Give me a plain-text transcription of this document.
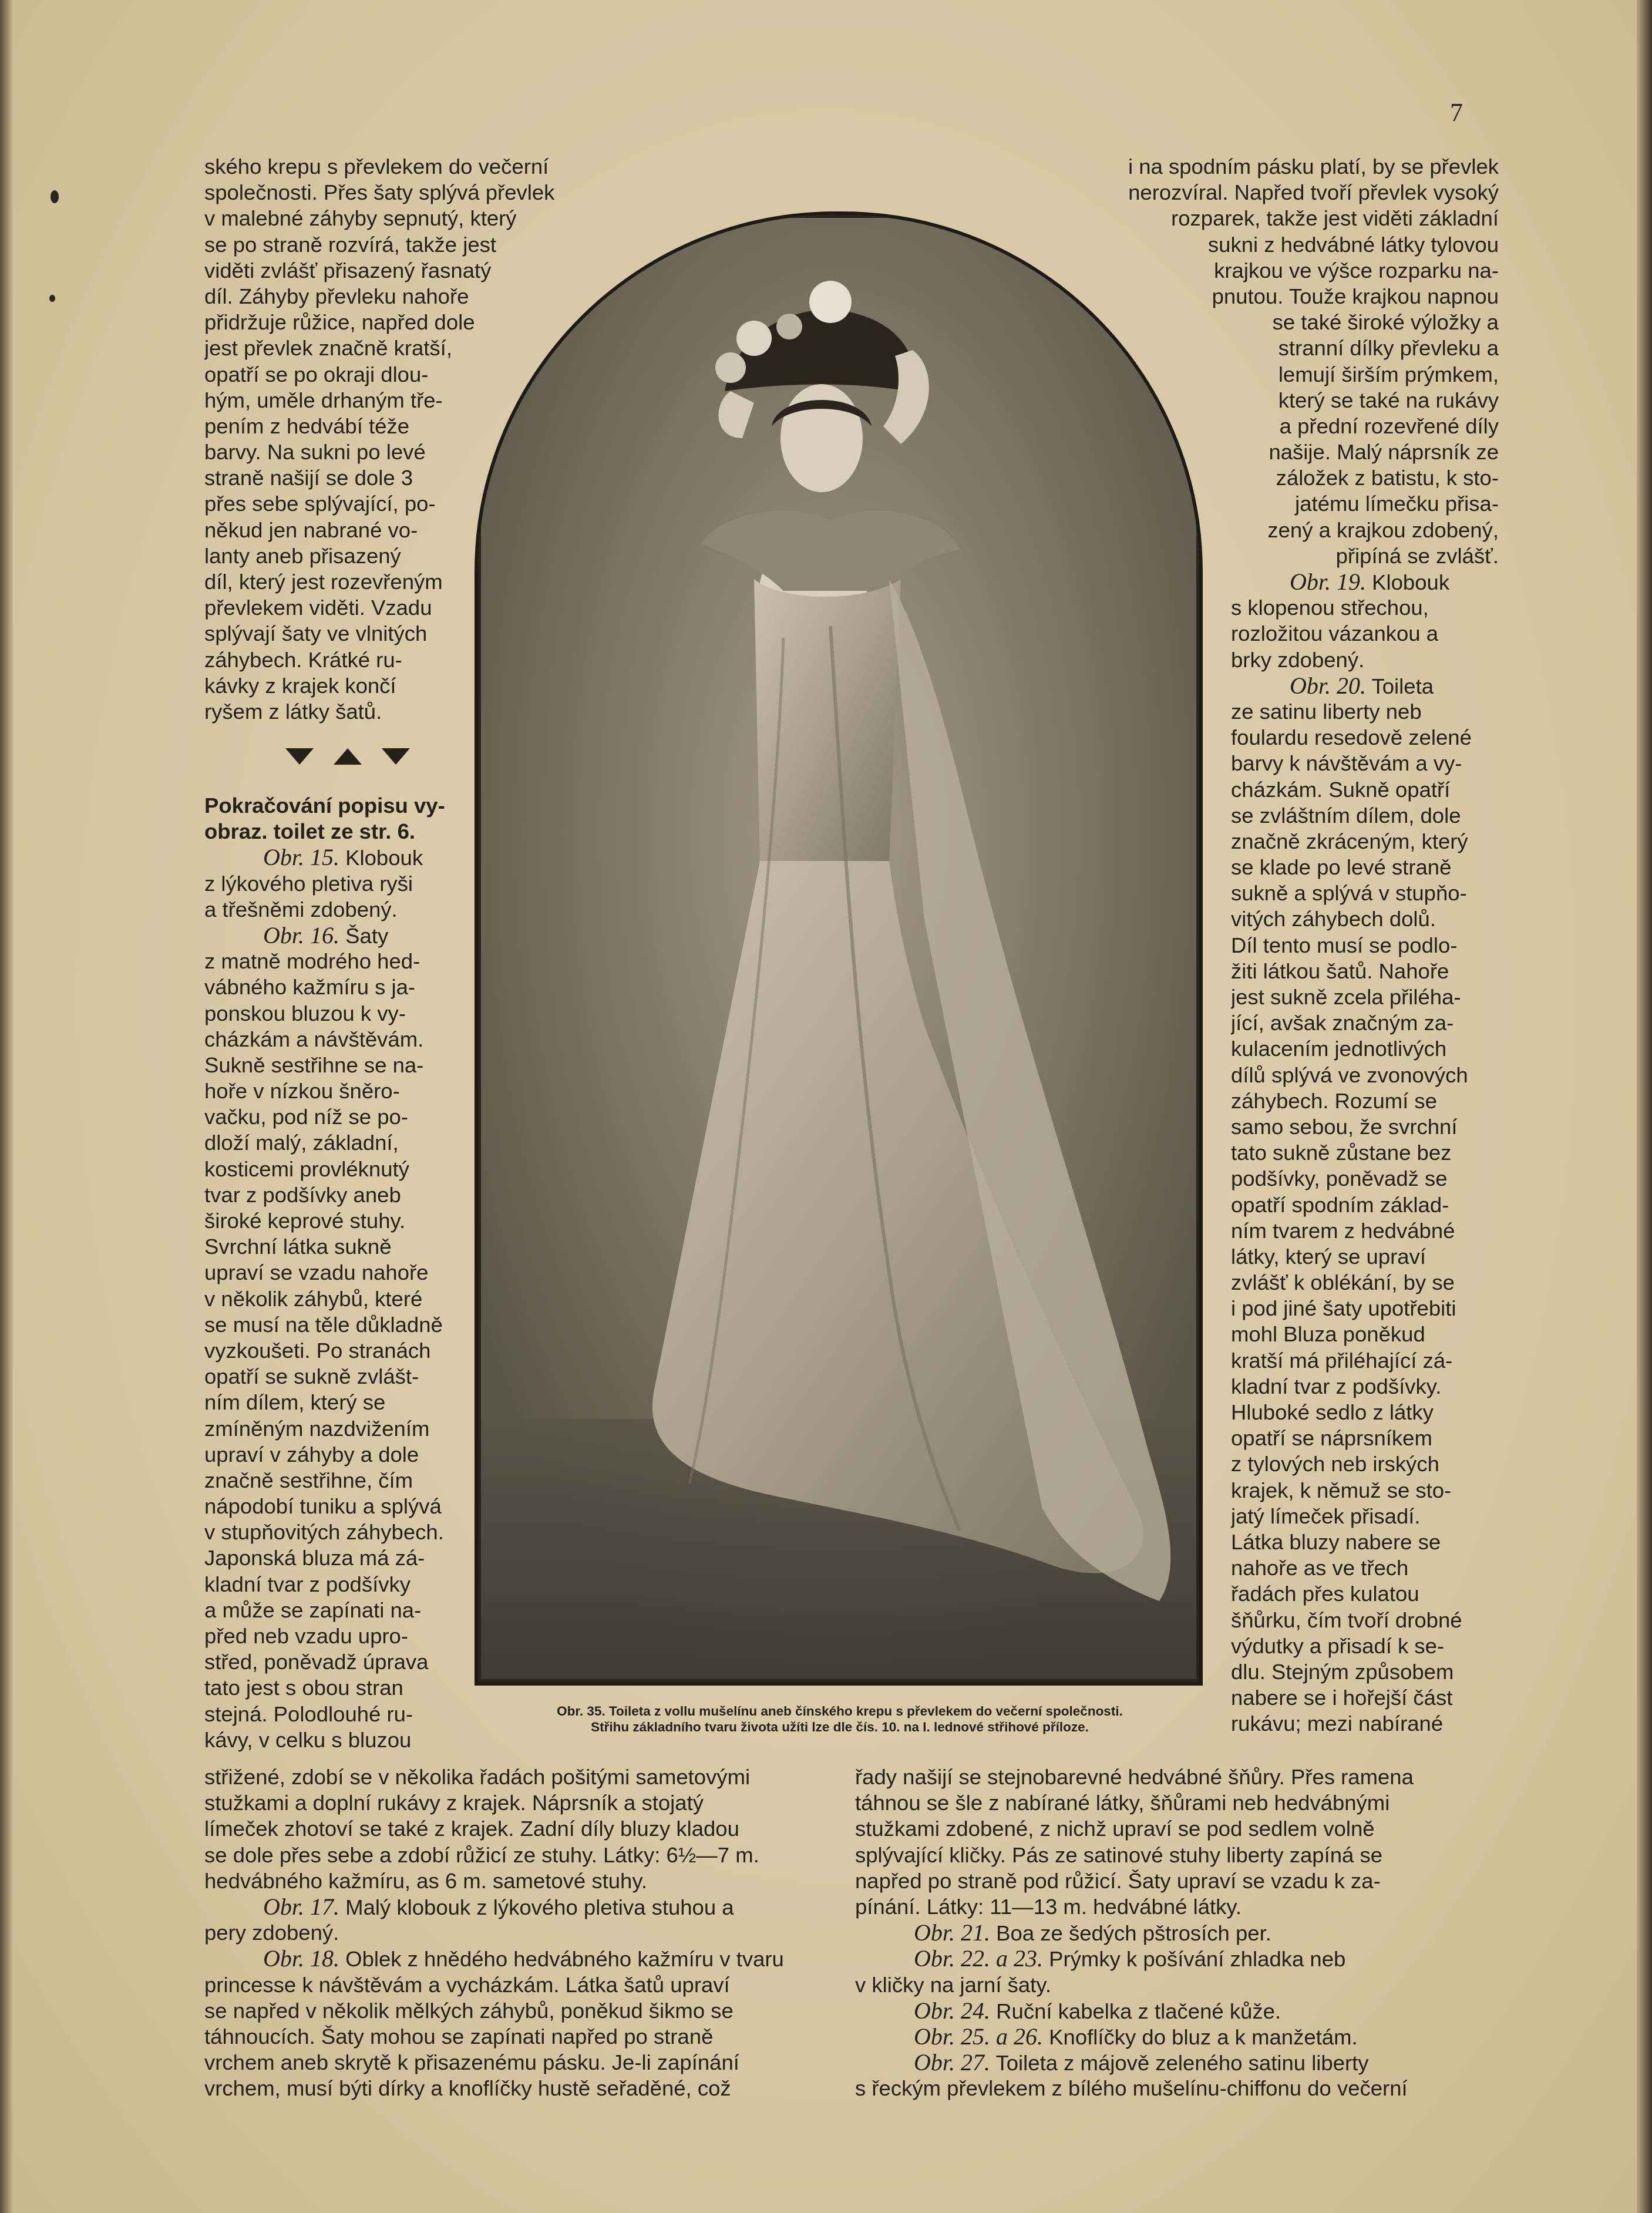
7
ského krepu s převlekem do večerní
společnosti. Přes šaty splývá převlek
v malebné záhyby sepnutý, který
se po straně rozvírá, takže jest
viděti zvlášť přisazený řasnatý
díl. Záhyby převleku nahoře
přidržuje růžice, napřed dole
jest převlek značně kratší,
opatří se po okraji dlou-
hým, uměle drhaným tře-
pením z hedvábí téže
barvy. Na sukni po levé
straně našijí se dole 3
přes sebe splývající, po-
někud jen nabrané vo-
lanty aneb přisazený
díl, který jest rozevřeným
převlekem viděti. Vzadu
splývají šaty ve vlnitých
záhybech. Krátké ru-
kávky z krajek končí
ryšem z látky šatů.
Pokračování popisu vy-
obraz. toilet ze str. 6.
Obr. 15. Klobouk
z lýkového pletiva ryši
a třešněmi zdobený.
Obr. 16. Šaty
z matně modrého hed-
vábného kažmíru s ja-
ponskou bluzou k vy-
cházkám a návštěvám.
Sukně sestřihne se na-
hoře v nízkou šněro-
vačku, pod níž se po-
dloží malý, základní,
kosticemi provléknutý
tvar z podšívky aneb
široké keprové stuhy.
Svrchní látka sukně
upraví se vzadu nahoře
v několik záhybů, které
se musí na těle důkladně
vyzkoušeti. Po stranách
opatří se sukně zvlášt-
ním dílem, který se
zmíněným nazdvižením
upraví v záhyby a dole
značně sestřihne, čím
nápodobí tuniku a splývá
v stupňovitých záhybech.
Japonská bluza má zá-
kladní tvar z podšívky
a může se zapínati na-
před neb vzadu upro-
střed, poněvadž úprava
tato jest s obou stran
stejná. Polodlouhé ru-
kávy, v celku s bluzou
Obr. 35. Toileta z vollu mušelínu aneb čínského krepu s převlekem do večerní společnosti.
Střihu základního tvaru života užíti lze dle čís. 10. na I. lednové střihové příloze.
i na spodním pásku platí, by se převlek
nerozvíral. Napřed tvoří převlek vysoký
rozparek, takže jest viděti základní
sukni z hedvábné látky tylovou
krajkou ve výšce rozparku na-
pnutou. Touže krajkou napnou
se také široké výložky a
stranní dílky převleku a
lemují širším prýmkem,
který se také na rukávy
a přední rozevřené díly
našije. Malý náprsník ze
záložek z batistu, k sto-
jatému límečku přisa-
zený a krajkou zdobený,
připíná se zvlášť.
Obr. 19. Klobouk
s klopenou střechou,
rozložitou vázankou a
brky zdobený.
Obr. 20. Toileta
ze satinu liberty neb
foulardu resedově zelené
barvy k návštěvám a vy-
cházkám. Sukně opatří
se zvláštním dílem, dole
značně zkráceným, který
se klade po levé straně
sukně a splývá v stupňo-
vitých záhybech dolů.
Díl tento musí se podlo-
žiti látkou šatů. Nahoře
jest sukně zcela přiléha-
jící, avšak značným za-
kulacením jednotlivých
dílů splývá ve zvonových
záhybech. Rozumí se
samo sebou, že svrchní
tato sukně zůstane bez
podšívky, poněvadž se
opatří spodním základ-
ním tvarem z hedvábné
látky, který se upraví
zvlášť k oblékání, by se
i pod jiné šaty upotřebiti
mohl Bluza poněkud
kratší má přiléhající zá-
kladní tvar z podšívky.
Hluboké sedlo z látky
opatří se náprsníkem
z tylových neb irských
krajek, k němuž se sto-
jatý límeček přisadí.
Látka bluzy nabere se
nahoře as ve třech
řadách přes kulatou
šňůrku, čím tvoří drobné
výdutky a přisadí k se-
dlu. Stejným způsobem
nabere se i hořejší část
rukávu; mezi nabírané
střižené, zdobí se v několika řadách pošitými sametovými
stužkami a doplní rukávy z krajek. Náprsník a stojatý
límeček zhotoví se také z krajek. Zadní díly bluzy kladou
se dole přes sebe a zdobí růžicí ze stuhy. Látky: 6½—7 m.
hedvábného kažmíru, as 6 m. sametové stuhy.
Obr. 17. Malý klobouk z lýkového pletiva stuhou a
pery zdobený.
Obr. 18. Oblek z hnědého hedvábného kažmíru v tvaru
princesse k návštěvám a vycházkám. Látka šatů upraví
se napřed v několik mělkých záhybů, poněkud šikmo se
táhnoucích. Šaty mohou se zapínati napřed po straně
vrchem aneb skrytě k přisazenému pásku. Je-li zapínání
vrchem, musí býti dírky a knoflíčky hustě seřaděné, což
řady našijí se stejnobarevné hedvábné šňůry. Přes ramena
táhnou se šle z nabírané látky, šňůrami neb hedvábnými
stužkami zdobené, z nichž upraví se pod sedlem volně
splývající kličky. Pás ze satinové stuhy liberty zapíná se
napřed po straně pod růžicí. Šaty upraví se vzadu k za-
pínání. Látky: 11—13 m. hedvábné látky.
Obr. 21. Boa ze šedých pštrosích per.
Obr. 22. a 23. Prýmky k pošívání zhladka neb
v kličky na jarní šaty.
Obr. 24. Ruční kabelka z tlačené kůže.
Obr. 25. a 26. Knoflíčky do bluz a k manžetám.
Obr. 27. Toileta z májově zeleného satinu liberty
s řeckým převlekem z bílého mušelínu-chiffonu do večerní
